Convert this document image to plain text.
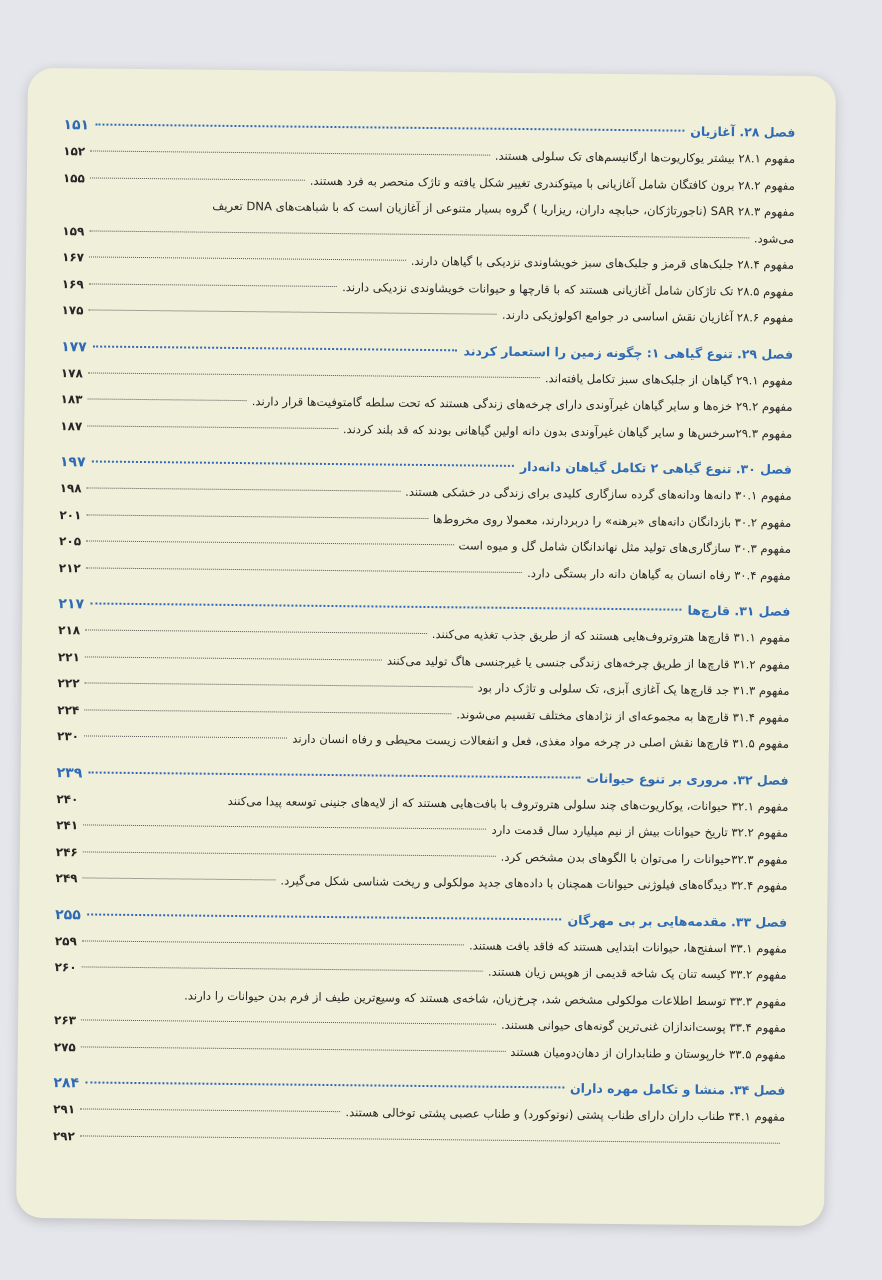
فصل ۲۸. آغازیان
۱۵۱
مفهوم ۲۸.۱ بیشتر یوکاریوت‌ها ارگانیسم‌های تک سلولی هستند.
۱۵۲
مفهوم ۲۸.۲ برون کافتگان شامل آغازیانی با میتوکندری تغییر شکل یافته و تاژک منحصر به فرد هستند.
۱۵۵
مفهوم ۲۸.۳ SAR (ناجورتاژکان، حبابچه داران، ریزاریا ) گروه بسیار متنوعی از آغازیان است که با شباهت‌های DNA تعریف
می‌شود.
۱۵۹
مفهوم ۲۸.۴ جلبک‌های قرمز و جلبک‌های سبز خویشاوندی نزدیکی با گیاهان دارند.
۱۶۷
مفهوم ۲۸.۵ تک تاژکان شامل آغازیانی هستند که با قارچها و حیوانات خویشاوندی نزدیکی دارند.
۱۶۹
مفهوم ۲۸.۶ آغازیان نقش اساسی در جوامع اکولوژیکی دارند.
۱۷۵
فصل ۲۹. تنوع گیاهی ۱: چگونه زمین را استعمار کردند
۱۷۷
مفهوم ۲۹.۱ گیاهان از جلبک‌های سبز تکامل یافته‌اند.
۱۷۸
مفهوم ۲۹.۲ خزه‌ها و سایر گیاهان غیرآوندی دارای چرخه‌های زندگی هستند که تحت سلطه گامتوفیت‌ها قرار دارند.
۱۸۳
مفهوم ۲۹.۳سرخس‌ها و سایر گیاهان غیرآوندی بدون دانه اولین گیاهانی بودند که قد بلند کردند.
۱۸۷
فصل ۳۰. تنوع گیاهی ۲ تکامل گیاهان دانه‌دار
۱۹۷
مفهوم ۳۰.۱ دانه‌ها ودانه‌های گرده سازگاری کلیدی برای زندگی در خشکی هستند.
۱۹۸
مفهوم ۳۰.۲ بازدانگان دانه‌های «برهنه» را دربردارند، معمولا روی مخروط‌ها
۲۰۱
مفهوم ۳۰.۳ سازگاری‌های تولید مثل نهاندانگان شامل گل و میوه است
۲۰۵
مفهوم ۳۰.۴ رفاه انسان به گیاهان دانه دار بستگی دارد.
۲۱۲
فصل ۳۱. قارچ‌ها
۲۱۷
مفهوم ۳۱.۱ قارچ‌ها هتروتروف‌هایی هستند که از طریق جذب تغذیه می‌کنند.
۲۱۸
مفهوم ۳۱.۲ قارچ‌ها از طریق چرخه‌های زندگی جنسی یا غیرجنسی هاگ تولید می‌کنند
۲۲۱
مفهوم ۳۱.۳ جد قارچ‌ها یک آغازی آبزی، تک سلولی و تاژک دار بود
۲۲۲
مفهوم ۳۱.۴ قارچ‌ها به مجموعه‌ای از نژادهای مختلف تقسیم می‌شوند.
۲۲۴
مفهوم ۳۱.۵ قارچ‌ها نقش اصلی در چرخه مواد مغذی، فعل و انفعالات زیست محیطی و رفاه انسان دارند
۲۳۰
فصل ۳۲. مروری بر تنوع حیوانات
۲۳۹
مفهوم ۳۲.۱ حیوانات، یوکاریوت‌های چند سلولی هتروتروف با بافت‌هایی هستند که از لایه‌های جنینی توسعه پیدا می‌کنند
۲۴۰
مفهوم ۳۲.۲ تاریخ حیوانات بیش از نیم میلیارد سال قدمت دارد
۲۴۱
مفهوم ۳۲.۳حیوانات را می‌توان با الگوهای بدن مشخص کرد.
۲۴۶
مفهوم ۳۲.۴ دیدگاه‌های فیلوژنی حیوانات همچنان با داده‌های جدید مولکولی و ریخت شناسی شکل می‌گیرد.
۲۴۹
فصل ۳۳. مقدمه‌هایی بر بی مهرگان
۲۵۵
مفهوم ۳۳.۱ اسفنج‌ها، حیوانات ابتدایی هستند که فاقد بافت هستند.
۲۵۹
مفهوم ۳۳.۲ کیسه تنان یک شاخه قدیمی از هوپس زیان هستند.
۲۶۰
مفهوم ۳۳.۳ توسط اطلاعات مولکولی مشخص شد، چرخ‌زیان، شاخه‌ی هستند که وسیع‌ترین طیف از فرم بدن حیوانات را دارند.
مفهوم ۳۳.۴ پوست‌اندازان غنی‌ترین گونه‌های حیوانی هستند.
۲۶۳
مفهوم ۳۳.۵ خارپوستان و طنابداران از دهان‌دومیان هستند
۲۷۵
فصل ۳۴. منشا و تکامل مهره داران
۲۸۴
مفهوم ۳۴.۱ طناب داران دارای طناب پشتی (نوتوکورد) و طناب عصبی پشتی توخالی هستند.
۲۹۱
۲۹۲
